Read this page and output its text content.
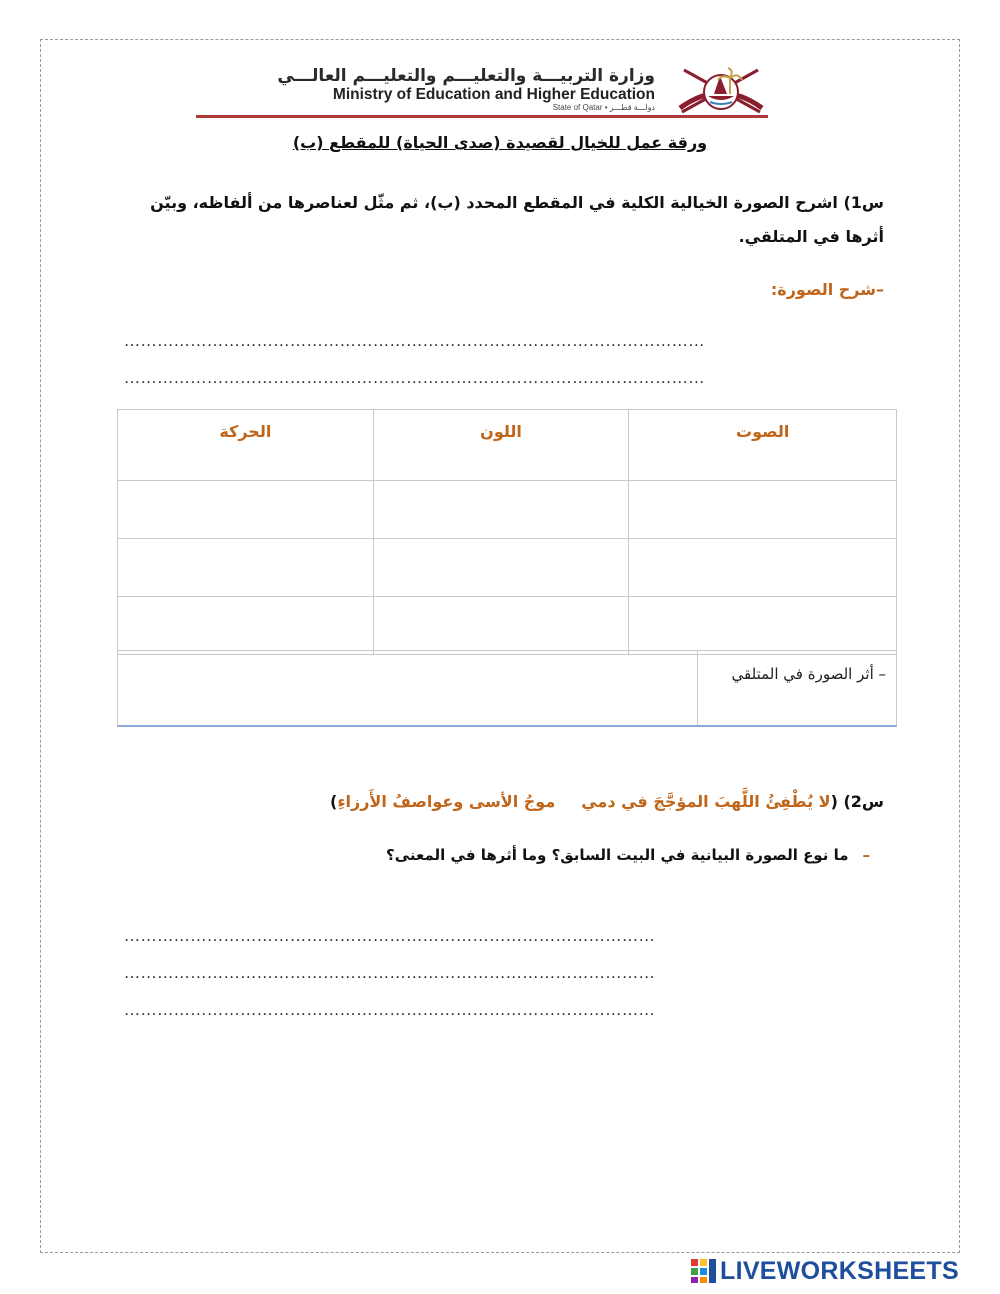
وزارة التربيـــة والتعليـــم والتعليـــم العالـــي
Ministry of Education and Higher Education
State of Qatar • دولـــة قطـــر
ورقة عمل للخيال لقصيدة (صدى الحياة) للمقطع (ب)
س1) اشرح الصورة الخيالية الكلية في المقطع المحدد (ب)، ثم مثّل لعناصرها من ألفاظه، وبيّن أثرها في المتلقي.
–شرح الصورة:
……………………………………………………………………………………………
……………………………………………………………………………………………
الصوت	اللون	الحركة

– أثر الصورة في المتلقي
س2) (لا يُطْفِئُ اللَّهبَ المؤجَّجَ في دميموجُ الأسى وعواصفُ الأَرزاءِ)
–ما نوع الصورة البيانية في البيت السابق؟ وما أثرها في المعنى؟
……………………………………………………………………………………
……………………………………………………………………………………
……………………………………………………………………………………
LIVEWORKSHEETS
